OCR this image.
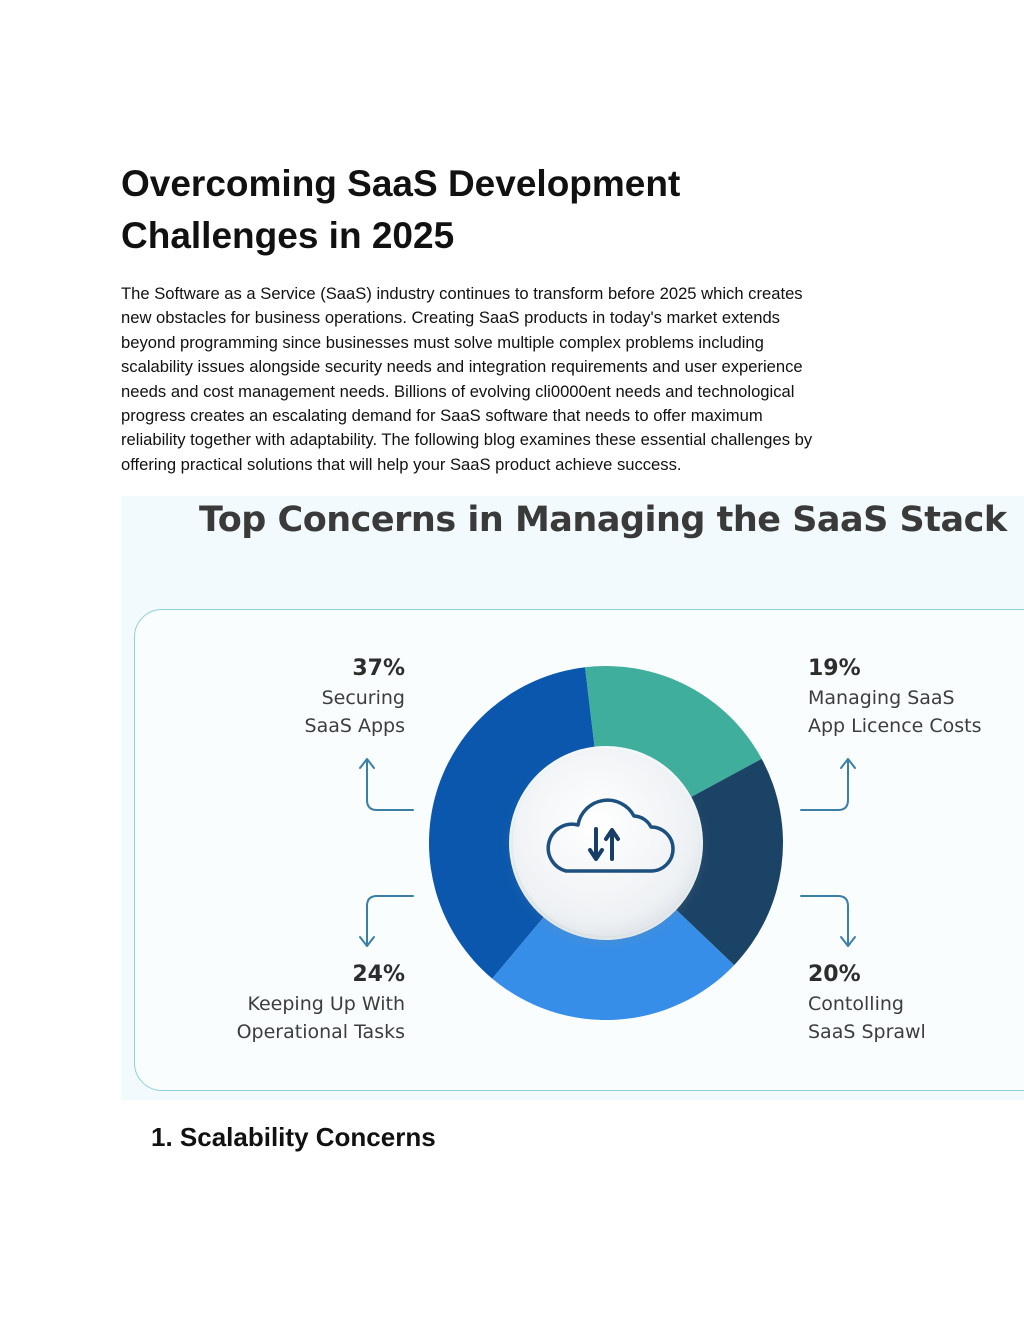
Overcoming SaaS Development
Challenges in 2025

The Software as a Service (SaaS) industry continues to transform before 2025 which creates
new obstacles for business operations. Creating SaaS products in today's market extends
beyond programming since businesses must solve multiple complex problems including
scalability issues alongside security needs and integration requirements and user experience
needs and cost management needs. Billions of evolving cli0000ent needs and technological
progress creates an escalating demand for SaaS software that needs to offer maximum
reliability together with adaptability. The following blog examines these essential challenges by
offering practical solutions that will help your SaaS product achieve success.

Top Concerns in Managing the SaaS Stack
37%
Securing
SaaS Apps
19%
Managing SaaS
App Licence Costs
24%
Keeping Up With
Operational Tasks
20%
Contolling
SaaS Sprawl
1. Scalability Concerns
